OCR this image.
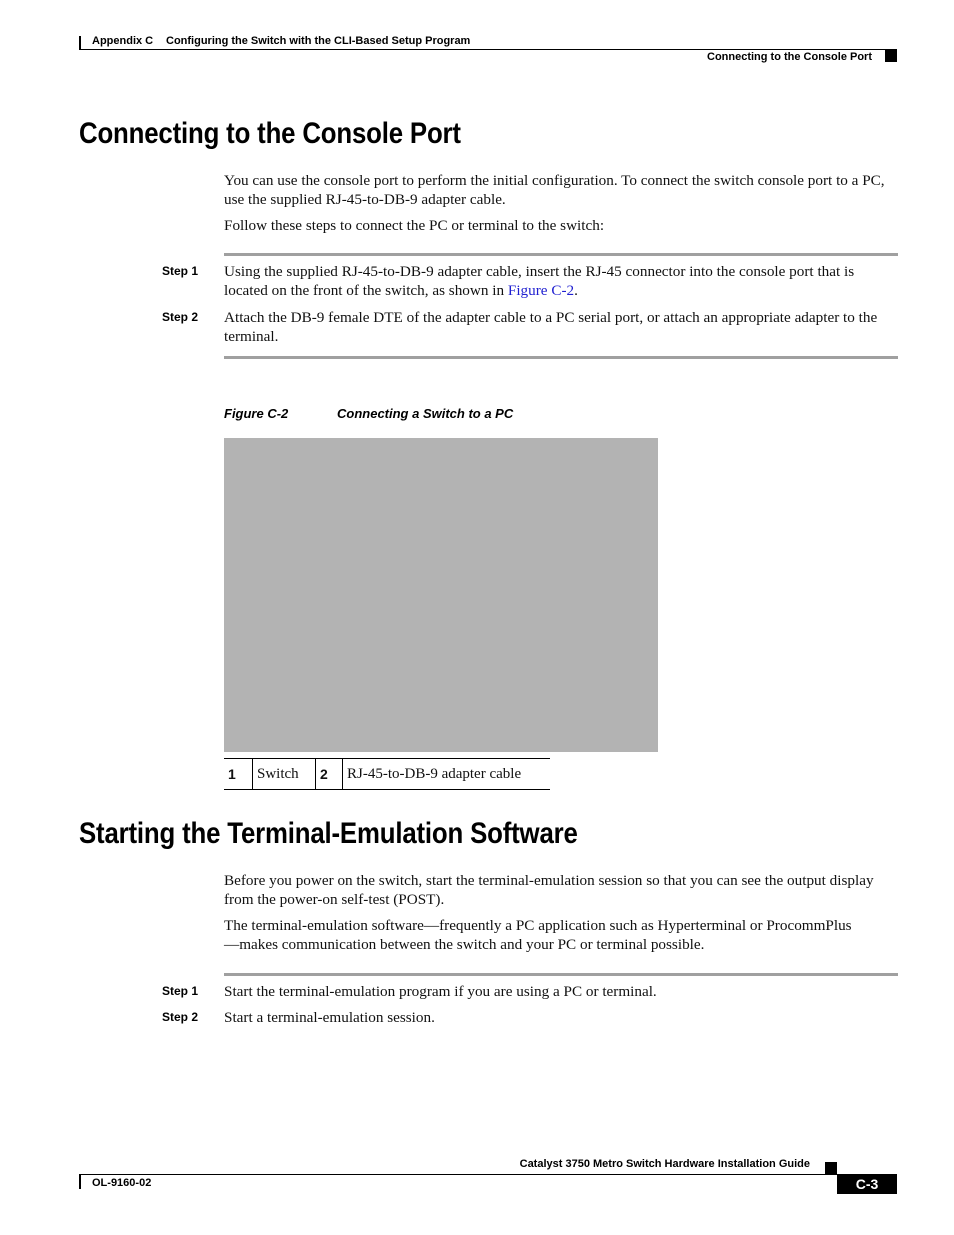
Appendix C Configuring the Switch with the CLI-Based Setup Program
Connecting to the Console Port
Connecting to the Console Port
You can use the console port to perform the initial configuration. To connect the switch console port to a PC, use the supplied RJ-45-to-DB-9 adapter cable.
Follow these steps to connect the PC or terminal to the switch:
Step 1 Using the supplied RJ-45-to-DB-9 adapter cable, insert the RJ-45 connector into the console port that is located on the front of the switch, as shown in Figure C-2.
Step 2 Attach the DB-9 female DTE of the adapter cable to a PC serial port, or attach an appropriate adapter to the terminal.
Figure C-2	Connecting a Switch to a PC
1	Switch	2	RJ-45-to-DB-9 adapter cable
Starting the Terminal-Emulation Software
Before you power on the switch, start the terminal-emulation session so that you can see the output display from the power-on self-test (POST).
The terminal-emulation software—frequently a PC application such as Hyperterminal or ProcommPlus—makes communication between the switch and your PC or terminal possible.
Step 1 Start the terminal-emulation program if you are using a PC or terminal.
Step 2 Start a terminal-emulation session.
Catalyst 3750 Metro Switch Hardware Installation Guide
OL-9160-02	C-3
